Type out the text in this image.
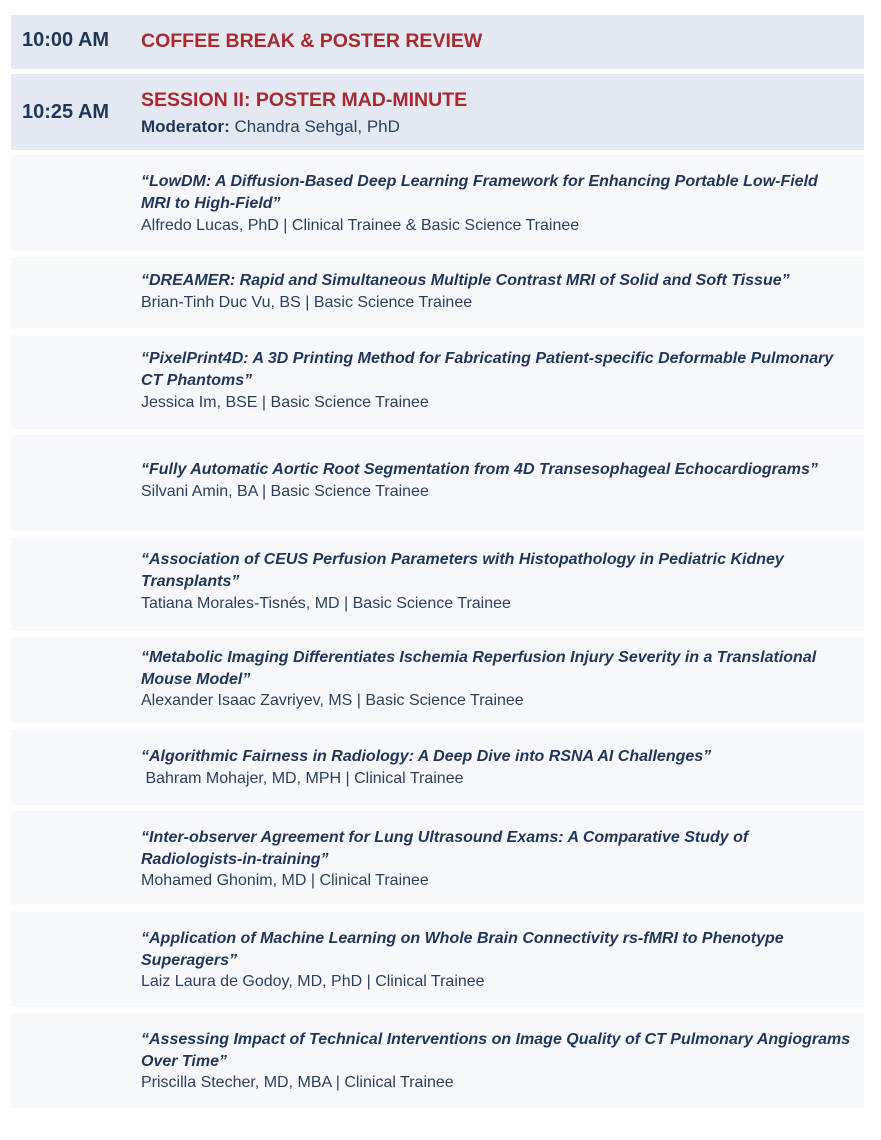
10:00 AM COFFEE BREAK & POSTER REVIEW
10:25 AM
SESSION II: POSTER MAD-MINUTE
Moderator: Chandra Sehgal, PhD
“LowDM: A Diffusion-Based Deep Learning Framework for Enhancing Portable Low-Field MRI to High-Field”
Alfredo Lucas, PhD | Clinical Trainee & Basic Science Trainee
“DREAMER: Rapid and Simultaneous Multiple Contrast MRI of Solid and Soft Tissue”
Brian-Tinh Duc Vu, BS | Basic Science Trainee
“PixelPrint4D: A 3D Printing Method for Fabricating Patient-specific Deformable Pulmonary CT Phantoms”
Jessica Im, BSE | Basic Science Trainee
“Fully Automatic Aortic Root Segmentation from 4D Transesophageal Echocardiograms”
Silvani Amin, BA | Basic Science Trainee
“Association of CEUS Perfusion Parameters with Histopathology in Pediatric Kidney Transplants”
Tatiana Morales-Tisnés, MD | Basic Science Trainee
“Metabolic Imaging Differentiates Ischemia Reperfusion Injury Severity in a Translational Mouse Model”
Alexander Isaac Zavriyev, MS | Basic Science Trainee
“Algorithmic Fairness in Radiology: A Deep Dive into RSNA AI Challenges”
Bahram Mohajer, MD, MPH | Clinical Trainee
“Inter-observer Agreement for Lung Ultrasound Exams: A Comparative Study of Radiologists-in-training”
Mohamed Ghonim, MD | Clinical Trainee
“Application of Machine Learning on Whole Brain Connectivity rs-fMRI to Phenotype Superagers”
Laiz Laura de Godoy, MD, PhD | Clinical Trainee
“Assessing Impact of Technical Interventions on Image Quality of CT Pulmonary Angiograms Over Time”
Priscilla Stecher, MD, MBA | Clinical Trainee
